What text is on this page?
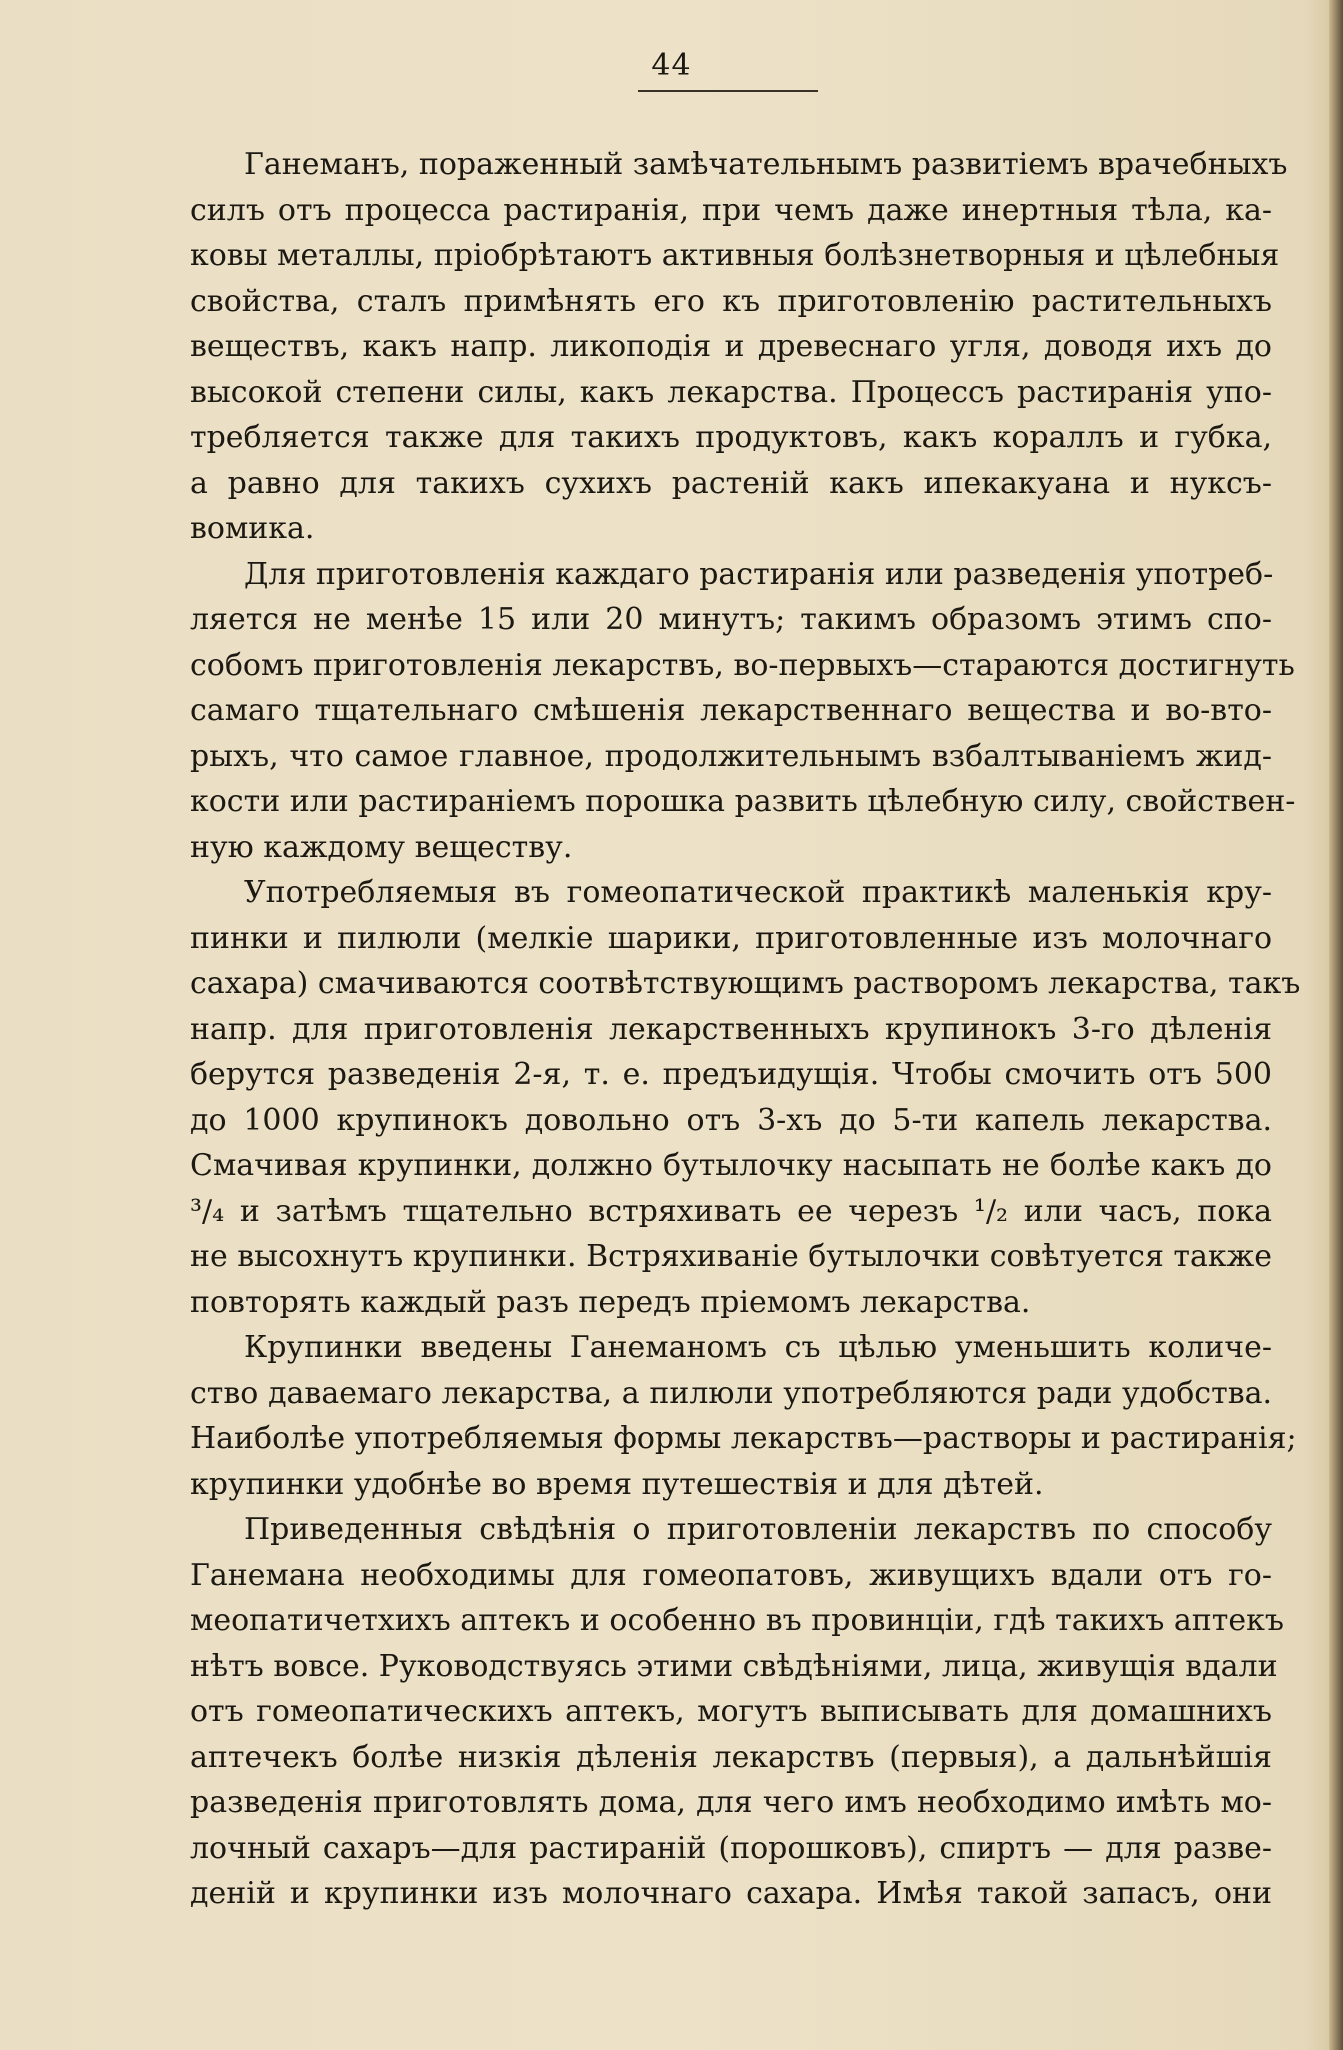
44

Ганеманъ, пораженный замѣчательнымъ развитіемъ врачебныхъ
силъ отъ процесса растиранія, при чемъ даже инертныя тѣла, ка-
ковы металлы, пріобрѣтаютъ активныя болѣзнетворныя и цѣлебныя
свойства, сталъ примѣнять его къ приготовленію растительныхъ
веществъ, какъ напр. ликоподія и древеснаго угля, доводя ихъ до
высокой степени силы, какъ лекарства. Процессъ растиранія упо-
требляется также для такихъ продуктовъ, какъ кораллъ и губка,
а равно для такихъ сухихъ растеній какъ ипекакуана и нуксъ-
вомика.

Для приготовленія каждаго растиранія или разведенія употреб-
ляется не менѣе 15 или 20 минутъ; такимъ образомъ этимъ спо-
собомъ приготовленія лекарствъ, во-первыхъ—стараются достигнуть
самаго тщательнаго смѣшенія лекарственнаго вещества и во-вто-
рыхъ, что самое главное, продолжительнымъ взбалтываніемъ жид-
кости или растираніемъ порошка развить цѣлебную силу, свойствен-
ную каждому веществу.

Употребляемыя въ гомеопатической практикѣ маленькія кру-
пинки и пилюли (мелкіе шарики, приготовленные изъ молочнаго
сахара) смачиваются соотвѣтствующимъ растворомъ лекарства, такъ
напр. для приготовленія лекарственныхъ крупинокъ 3-го дѣленія
берутся разведенія 2-я, т. е. предъидущія. Чтобы смочить отъ 500
до 1000 крупинокъ довольно отъ 3-хъ до 5-ти капель лекарства.
Смачивая крупинки, должно бутылочку насыпать не болѣе какъ до
³/₄ и затѣмъ тщательно встряхивать ее черезъ ¹/₂ или часъ, пока
не высохнутъ крупинки. Встряхиваніе бутылочки совѣтуется также
повторять каждый разъ передъ пріемомъ лекарства.

Крупинки введены Ганеманомъ съ цѣлью уменьшить количе-
ство даваемаго лекарства, а пилюли употребляются ради удобства.
Наиболѣе употребляемыя формы лекарствъ—растворы и растиранія;
крупинки удобнѣе во время путешествія и для дѣтей.

Приведенныя свѣдѣнія о приготовленіи лекарствъ по способу
Ганемана необходимы для гомеопатовъ, живущихъ вдали отъ го-
меопатичетхихъ аптекъ и особенно въ провинціи, гдѣ такихъ аптекъ
нѣтъ вовсе. Руководствуясь этими свѣдѣніями, лица, живущія вдали
отъ гомеопатическихъ аптекъ, могутъ выписывать для домашнихъ
аптечекъ болѣе низкія дѣленія лекарствъ (первыя), а дальнѣйшія
разведенія приготовлять дома, для чего имъ необходимо имѣть мо-
лочный сахаръ—для растираній (порошковъ), спиртъ — для разве-
деній и крупинки изъ молочнаго сахара. Имѣя такой запасъ, они
